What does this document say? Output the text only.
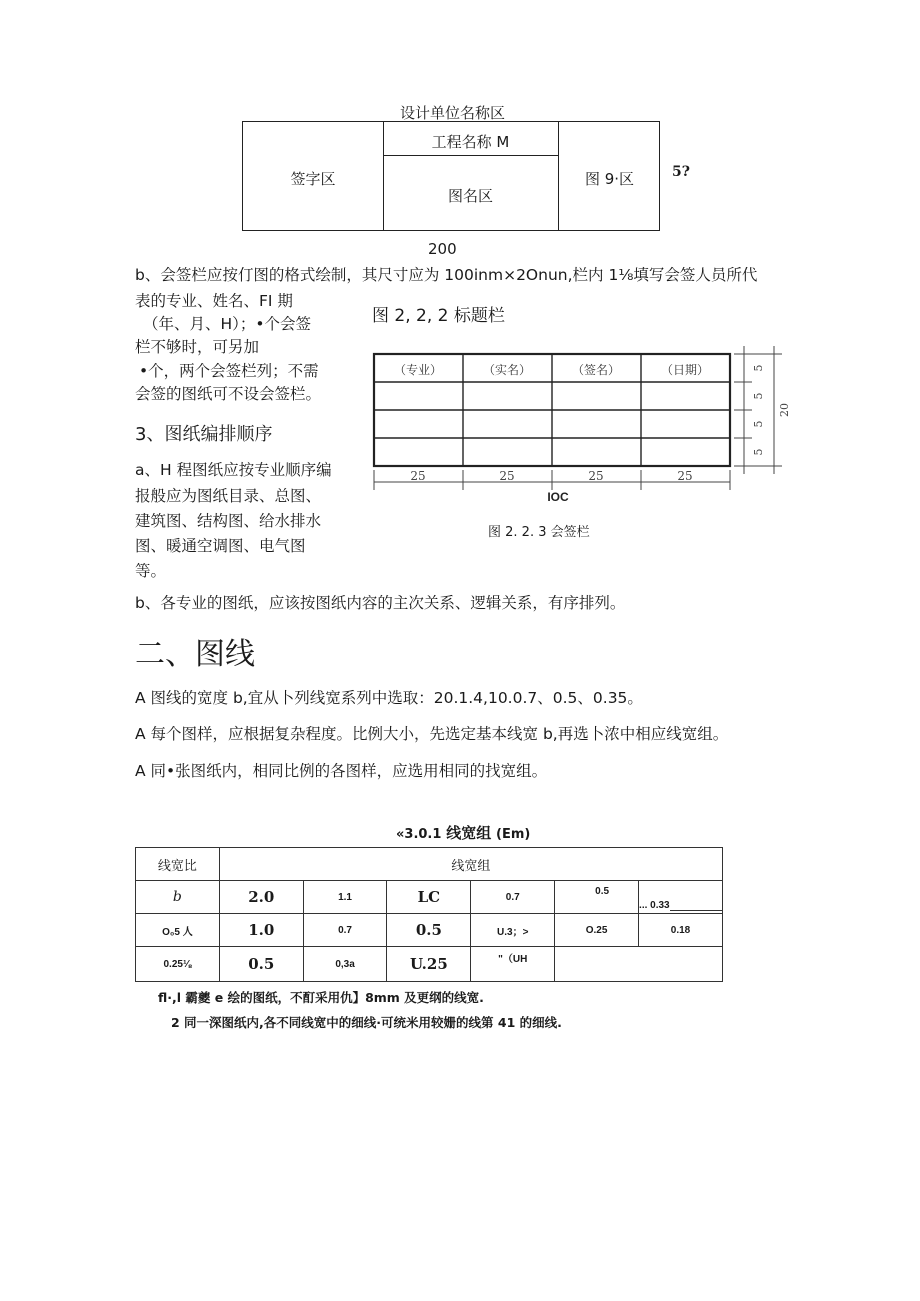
设计单位名称区
签字区
工程名称 M
图名区
图 9·区	5?
200
b、会签栏应按仃图的格式绘制，其尺寸应为 100inm×2Onun,栏内 1⅛填写会签人员所代
表的专业、姓名、FI 期
（年、月、H）；•个会签
栏不够时，可另加
•个，两个会签栏列；不需
会签的图纸可不设会签栏。
图 2, 2, 2 标题栏
（专业）	（实名）	（签名）	（日期）
25	25	25	25
IOC
5
5
5
5
20
图 2. 2. 3 会签栏
3、图纸编排顺序
a、H 程图纸应按专业顺序编
报般应为图纸目录、总图、
建筑图、结构图、给水排水
图、暖通空调图、电气图
等。
b、各专业的图纸，应该按图纸内容的主次关系、逻辑关系，有序排列。
二、图线
A 图线的宽度 b,宜从卜列线宽系列中选取：20.1.4,10.0.7、0.5、0.35。
A 每个图样，应根据复杂程度。比例大小，先选定基本线宽 b,再选卜浓中相应线宽组。
A 同•张图纸内，相同比例的各图样，应选用相同的找宽组。
«3.0.1 线宽组 (Em)
线宽比	线宽组					
b	2.0	1.1	LC	0.7	0.5	... 0.33
O₀5 人	1.0	0.7	0.5	U.3；>	O.25	0.18
0.25⅛	0.5	0,3a	U.25	"（UH		
fl·,l 霸夔 e 绘的图纸，不酊采用仇】8mm 及更纲的线宽.
2 同一深图纸内,各不同线宽中的细线·可统米用较姗的线第 41 的细线.
